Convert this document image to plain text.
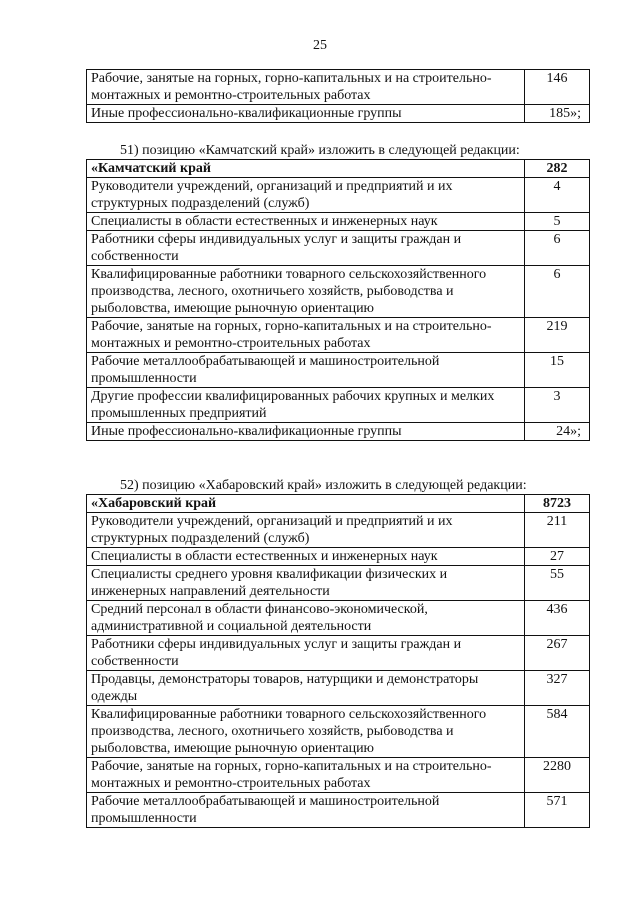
25
Рабочие, занятые на горных, горно-капитальных и на строительно-монтажных и ремонтно-строительных работах	146
Иные профессионально-квалификационные группы	185»;
51) позицию «Камчатский край» изложить в следующей редакции:
«Камчатский край	282
Руководители учреждений, организаций и предприятий и их структурных подразделений (служб)	4
Специалисты в области естественных и инженерных наук	5
Работники сферы индивидуальных услуг и защиты граждан и собственности	6
Квалифицированные работники товарного сельскохозяйственного производства, лесного, охотничьего хозяйств, рыбоводства и рыболовства, имеющие рыночную ориентацию	6
Рабочие, занятые на горных, горно-капитальных и на строительно-монтажных и ремонтно-строительных работах	219
Рабочие металлообрабатывающей и машиностроительной промышленности	15
Другие профессии квалифицированных рабочих крупных и мелких промышленных предприятий	3
Иные профессионально-квалификационные группы	24»;
52) позицию «Хабаровский край» изложить в следующей редакции:
«Хабаровский край	8723
Руководители учреждений, организаций и предприятий и их структурных подразделений (служб)	211
Специалисты в области естественных и инженерных наук	27
Специалисты среднего уровня квалификации физических и инженерных направлений деятельности	55
Средний персонал в области финансово-экономической, административной и социальной деятельности	436
Работники сферы индивидуальных услуг и защиты граждан и собственности	267
Продавцы, демонстраторы товаров, натурщики и демонстраторы одежды	327
Квалифицированные работники товарного сельскохозяйственного производства, лесного, охотничьего хозяйств, рыбоводства и рыболовства, имеющие рыночную ориентацию	584
Рабочие, занятые на горных, горно-капитальных и на строительно-монтажных и ремонтно-строительных работах	2280
Рабочие металлообрабатывающей и машиностроительной промышленности	571
